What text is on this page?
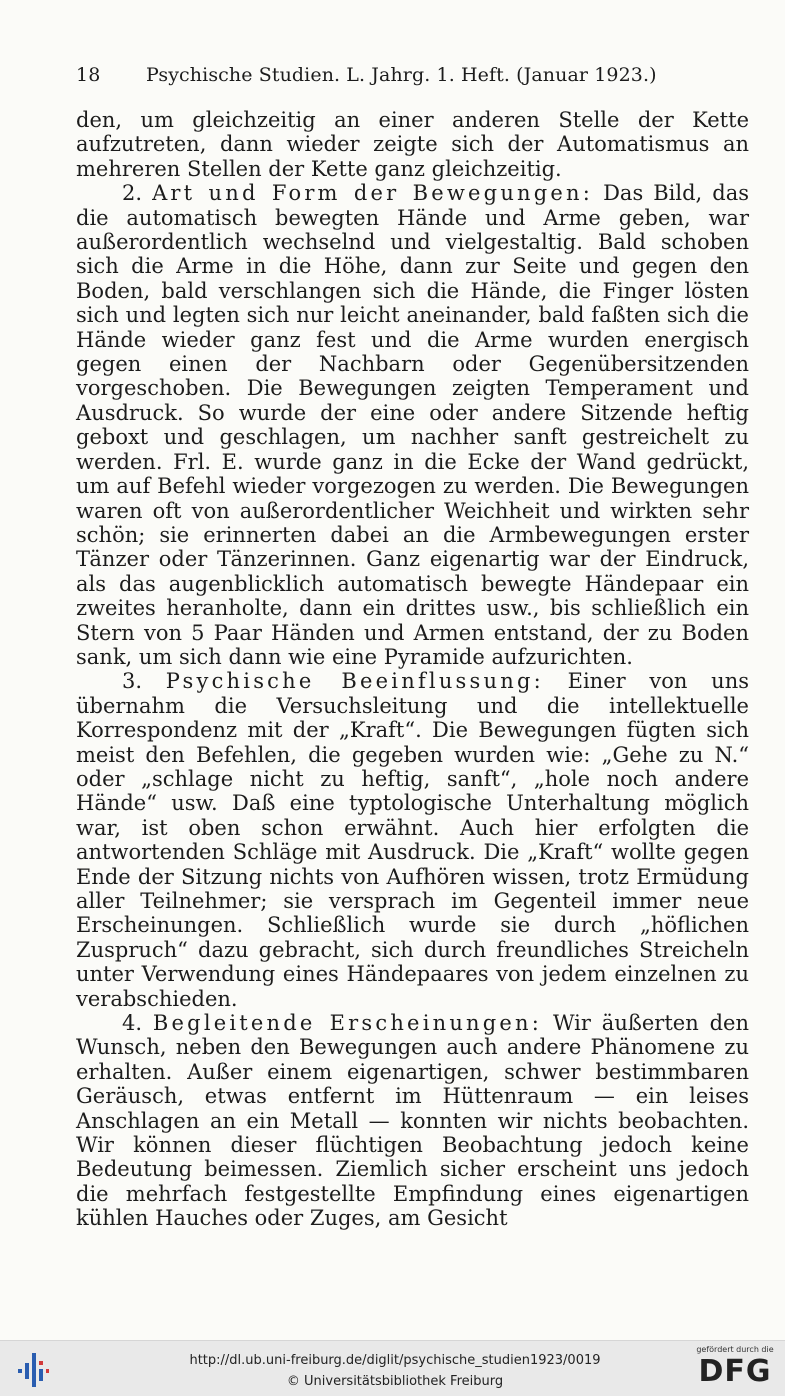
18 Psychische Studien. L. Jahrg. 1. Heft. (Januar 1923.)

den, um gleichzeitig an einer anderen Stelle der Kette aufzutreten, dann wieder zeigte sich der Automatismus an mehreren Stellen der Kette ganz gleichzeitig.

2. Art und Form der Bewegungen: Das Bild, das die automatisch bewegten Hände und Arme geben, war außerordentlich wechselnd und vielgestaltig. Bald schoben sich die Arme in die Höhe, dann zur Seite und gegen den Boden, bald verschlangen sich die Hände, die Finger lösten sich und legten sich nur leicht aneinander, bald faßten sich die Hände wieder ganz fest und die Arme wurden energisch gegen einen der Nachbarn oder Gegenübersitzenden vorgeschoben. Die Bewegungen zeigten Temperament und Ausdruck. So wurde der eine oder andere Sitzende heftig geboxt und geschlagen, um nachher sanft gestreichelt zu werden. Frl. E. wurde ganz in die Ecke der Wand gedrückt, um auf Befehl wieder vorgezogen zu werden. Die Bewegungen waren oft von außerordentlicher Weichheit und wirkten sehr schön; sie erinnerten dabei an die Armbewegungen erster Tänzer oder Tänzerinnen. Ganz eigenartig war der Eindruck, als das augenblicklich automatisch bewegte Händepaar ein zweites heranholte, dann ein drittes usw., bis schließlich ein Stern von 5 Paar Händen und Armen entstand, der zu Boden sank, um sich dann wie eine Pyramide aufzurichten.

3. Psychische Beeinflussung: Einer von uns übernahm die Versuchsleitung und die intellektuelle Korrespondenz mit der „Kraft“. Die Bewegungen fügten sich meist den Befehlen, die gegeben wurden wie: „Gehe zu N.“ oder „schlage nicht zu heftig, sanft“, „hole noch andere Hände“ usw. Daß eine typtologische Unterhaltung möglich war, ist oben schon erwähnt. Auch hier erfolgten die antwortenden Schläge mit Ausdruck. Die „Kraft“ wollte gegen Ende der Sitzung nichts von Aufhören wissen, trotz Ermüdung aller Teilnehmer; sie versprach im Gegenteil immer neue Erscheinungen. Schließlich wurde sie durch „höflichen Zuspruch“ dazu gebracht, sich durch freundliches Streicheln unter Verwendung eines Händepaares von jedem einzelnen zu verabschieden.

4. Begleitende Erscheinungen: Wir äußerten den Wunsch, neben den Bewegungen auch andere Phänomene zu erhalten. Außer einem eigenartigen, schwer bestimmbaren Geräusch, etwas entfernt im Hüttenraum — ein leises Anschlagen an ein Metall — konnten wir nichts beobachten. Wir können dieser flüchtigen Beobachtung jedoch keine Bedeutung beimessen. Ziemlich sicher erscheint uns jedoch die mehrfach festgestellte Empfindung eines eigenartigen kühlen Hauches oder Zuges, am Gesicht

http://dl.ub.uni-freiburg.de/diglit/psychische_studien1923/0019
© Universitätsbibliothek Freiburg
gefördert durch die
DFG
